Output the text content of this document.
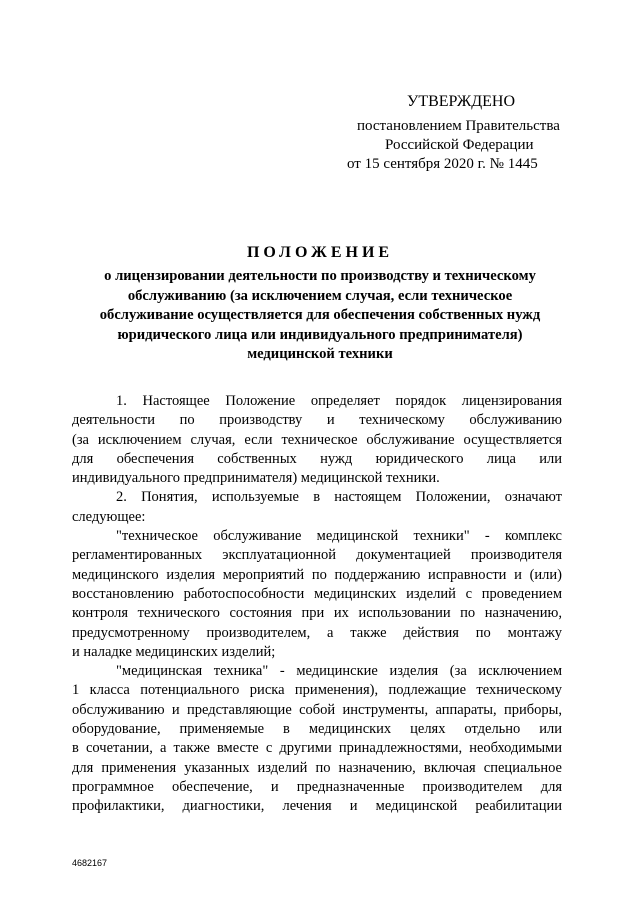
УТВЕРЖДЕНО
постановлением Правительства
Российской Федерации
от 15 сентября 2020 г. № 1445
ПОЛОЖЕНИЕ
о лицензировании деятельности по производству и техническому
обслуживанию (за исключением случая, если техническое
обслуживание осуществляется для обеспечения собственных нужд
юридического лица или индивидуального предпринимателя)
медицинской техники
1. Настоящее Положение определяет порядок лицензирования
деятельности по производству и техническому обслуживанию
(за исключением случая, если техническое обслуживание осуществляется
для обеспечения собственных нужд юридического лица или
индивидуального предпринимателя) медицинской техники.
2. Понятия, используемые в настоящем Положении, означают
следующее:
"техническое обслуживание медицинской техники" - комплекс
регламентированных эксплуатационной документацией производителя
медицинского изделия мероприятий по поддержанию исправности и (или)
восстановлению работоспособности медицинских изделий с проведением
контроля технического состояния при их использовании по назначению,
предусмотренному производителем, а также действия по монтажу
и наладке медицинских изделий;
"медицинская техника" - медицинские изделия (за исключением
1 класса потенциального риска применения), подлежащие техническому
обслуживанию и представляющие собой инструменты, аппараты, приборы,
оборудование, применяемые в медицинских целях отдельно или
в сочетании, а также вместе с другими принадлежностями, необходимыми
для применения указанных изделий по назначению, включая специальное
программное обеспечение, и предназначенные производителем для
профилактики, диагностики, лечения и медицинской реабилитации
4682167
